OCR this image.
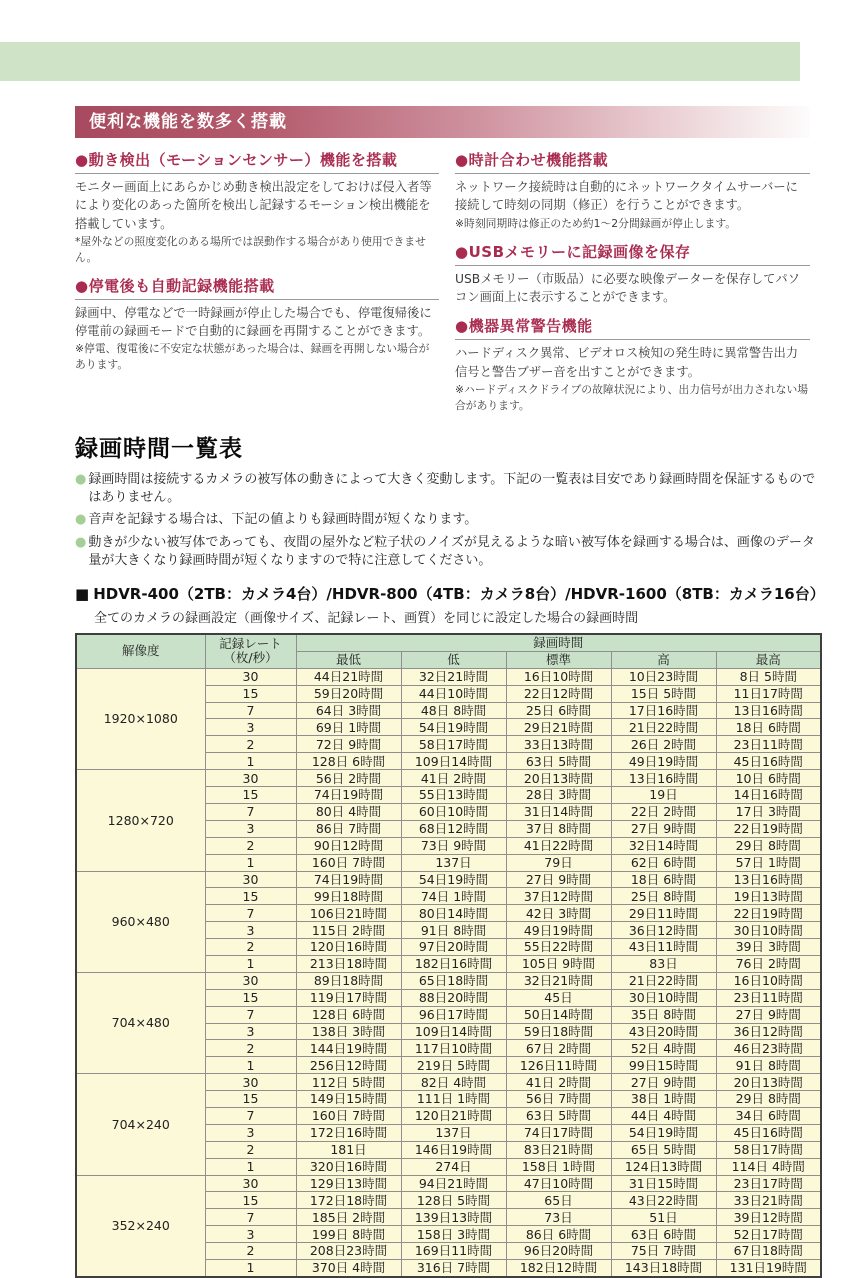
便利な機能を数多く搭載
●動き検出（モーションセンサー）機能を搭載

モニター画面上にあらかじめ動き検出設定をしておけば侵入者等により変化のあった箇所を検出し記録するモーション検出機能を搭載しています。

*屋外などの照度変化のある場所では誤動作する場合があり使用できません。

●停電後も自動記録機能搭載

録画中、停電などで一時録画が停止した場合でも、停電復帰後に停電前の録画モードで自動的に録画を再開することができます。

※停電、復電後に不安定な状態があった場合は、録画を再開しない場合があります。

●時計合わせ機能搭載

ネットワーク接続時は自動的にネットワークタイムサーバーに接続して時刻の同期（修正）を行うことができます。

※時刻同期時は修正のため約1～2分間録画が停止します。

●USBメモリーに記録画像を保存

USBメモリー（市販品）に必要な映像データーを保存してパソコン画面上に表示することができます。

●機器異常警告機能

ハードディスク異常、ビデオロス検知の発生時に異常警告出力信号と警告ブザー音を出すことができます。

※ハードディスクドライブの故障状況により、出力信号が出力されない場合があります。

録画時間一覧表
● 録画時間は接続するカメラの被写体の動きによって大きく変動します。下記の一覧表は目安であり録画時間を保証するものではありません。
● 音声を記録する場合は、下記の値よりも録画時間が短くなります。
● 動きが少ない被写体であっても、夜間の屋外など粒子状のノイズが見えるような暗い被写体を録画する場合は、画像のデータ量が大きくなり録画時間が短くなりますので特に注意してください。
■ HDVR-400（2TB：カメラ4台）/HDVR-800（4TB：カメラ8台）/HDVR-1600（8TB：カメラ16台）
全てのカメラの録画設定（画像サイズ、記録レート、画質）を同じに設定した場合の録画時間
解像度	記録レート
（枚/秒）	録画時間				
		最低	低	標準	高	最高
1920×1080	30	44日21時間	32日21時間	16日10時間	10日23時間	8日 5時間
	15	59日20時間	44日10時間	22日12時間	15日 5時間	11日17時間
	7	64日 3時間	48日 8時間	25日 6時間	17日16時間	13日16時間
	3	69日 1時間	54日19時間	29日21時間	21日22時間	18日 6時間
	2	72日 9時間	58日17時間	33日13時間	26日 2時間	23日11時間
	1	128日 6時間	109日14時間	63日 5時間	49日19時間	45日16時間
1280×720	30	56日 2時間	41日 2時間	20日13時間	13日16時間	10日 6時間
	15	74日19時間	55日13時間	28日 3時間	19日	14日16時間
	7	80日 4時間	60日10時間	31日14時間	22日 2時間	17日 3時間
	3	86日 7時間	68日12時間	37日 8時間	27日 9時間	22日19時間
	2	90日12時間	73日 9時間	41日22時間	32日14時間	29日 8時間
	1	160日 7時間	137日	79日	62日 6時間	57日 1時間
960×480	30	74日19時間	54日19時間	27日 9時間	18日 6時間	13日16時間
	15	99日18時間	74日 1時間	37日12時間	25日 8時間	19日13時間
	7	106日21時間	80日14時間	42日 3時間	29日11時間	22日19時間
	3	115日 2時間	91日 8時間	49日19時間	36日12時間	30日10時間
	2	120日16時間	97日20時間	55日22時間	43日11時間	39日 3時間
	1	213日18時間	182日16時間	105日 9時間	83日	76日 2時間
704×480	30	89日18時間	65日18時間	32日21時間	21日22時間	16日10時間
	15	119日17時間	88日20時間	45日	30日10時間	23日11時間
	7	128日 6時間	96日17時間	50日14時間	35日 8時間	27日 9時間
	3	138日 3時間	109日14時間	59日18時間	43日20時間	36日12時間
	2	144日19時間	117日10時間	67日 2時間	52日 4時間	46日23時間
	1	256日12時間	219日 5時間	126日11時間	99日15時間	91日 8時間
704×240	30	112日 5時間	82日 4時間	41日 2時間	27日 9時間	20日13時間
	15	149日15時間	111日 1時間	56日 7時間	38日 1時間	29日 8時間
	7	160日 7時間	120日21時間	63日 5時間	44日 4時間	34日 6時間
	3	172日16時間	137日	74日17時間	54日19時間	45日16時間
	2	181日	146日19時間	83日21時間	65日 5時間	58日17時間
	1	320日16時間	274日	158日 1時間	124日13時間	114日 4時間
352×240	30	129日13時間	94日21時間	47日10時間	31日15時間	23日17時間
	15	172日18時間	128日 5時間	65日	43日22時間	33日21時間
	7	185日 2時間	139日13時間	73日	51日	39日12時間
	3	199日 8時間	158日 3時間	86日 6時間	63日 6時間	52日17時間
	2	208日23時間	169日11時間	96日20時間	75日 7時間	67日18時間
	1	370日 4時間	316日 7時間	182日12時間	143日18時間	131日19時間
